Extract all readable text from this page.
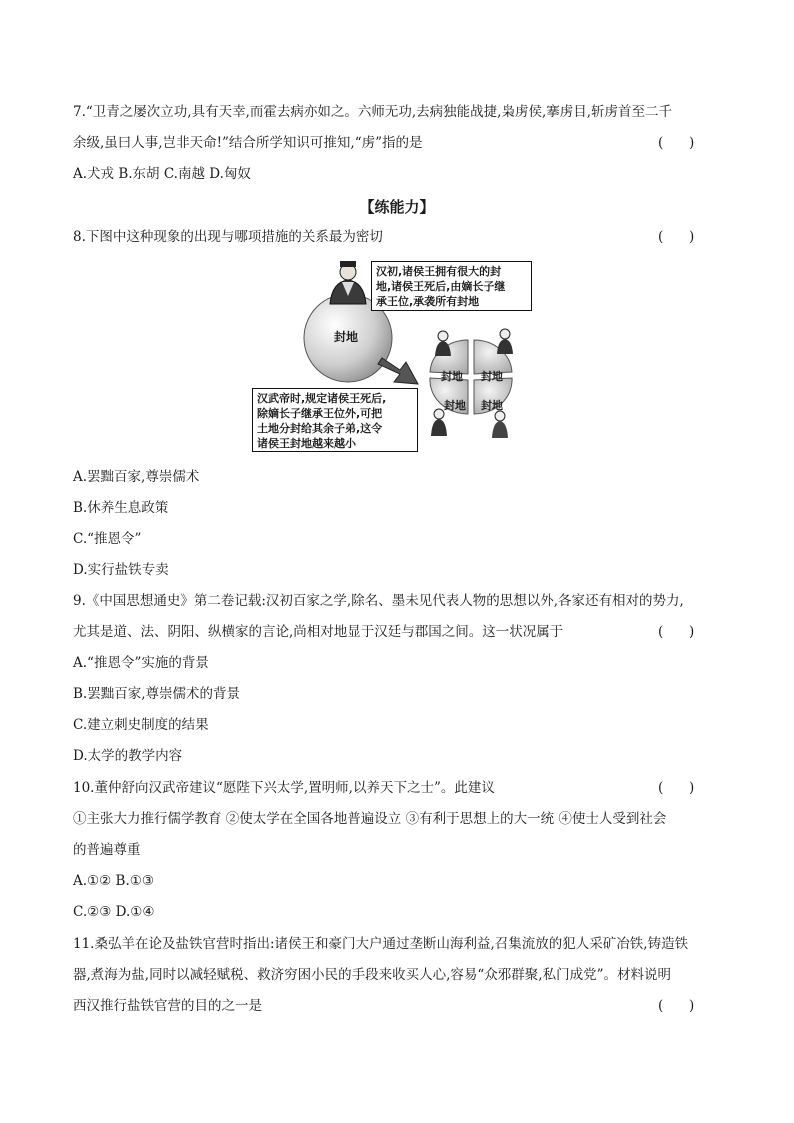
7.“卫青之屡次立功,具有天幸,而霍去病亦如之。六师无功,去病独能战捷,枭虏侯,搴虏目,斩虏首至二千
余级,虽曰人事,岂非天命!”结合所学知识可推知,“虏”指的是	(      )
A.犬戎 B.东胡 C.南越 D.匈奴
【练能力】
8.下图中这种现象的出现与哪项措施的关系最为密切	(      )
汉初,诸侯王拥有很大的封
地,诸侯王死后,由嫡长子继
承王位,承袭所有封地
汉武帝时,规定诸侯王死后,
除嫡长子继承王位外,可把
土地分封给其余子弟,这令
诸侯王封地越来越小
封地
封地 封地
封地 封地
A.罢黜百家,尊崇儒术
B.休养生息政策
C.“推恩令”
D.实行盐铁专卖
9.《中国思想通史》第二卷记载:汉初百家之学,除名、墨未见代表人物的思想以外,各家还有相对的势力,
尤其是道、法、阴阳、纵横家的言论,尚相对地显于汉廷与郡国之间。这一状况属于	(      )
A.“推恩令”实施的背景
B.罢黜百家,尊崇儒术的背景
C.建立刺史制度的结果
D.太学的教学内容
10.董仲舒向汉武帝建议“愿陛下兴太学,置明师,以养天下之士”。此建议	(      )
①主张大力推行儒学教育 ②使太学在全国各地普遍设立 ③有利于思想上的大一统 ④使士人受到社会
的普遍尊重
A.①② B.①③
C.②③ D.①④
11.桑弘羊在论及盐铁官营时指出:诸侯王和豪门大户通过垄断山海利益,召集流放的犯人采矿冶铁,铸造铁
器,煮海为盐,同时以减轻赋税、救济穷困小民的手段来收买人心,容易“众邪群聚,私门成党”。材料说明
西汉推行盐铁官营的目的之一是	(      )
